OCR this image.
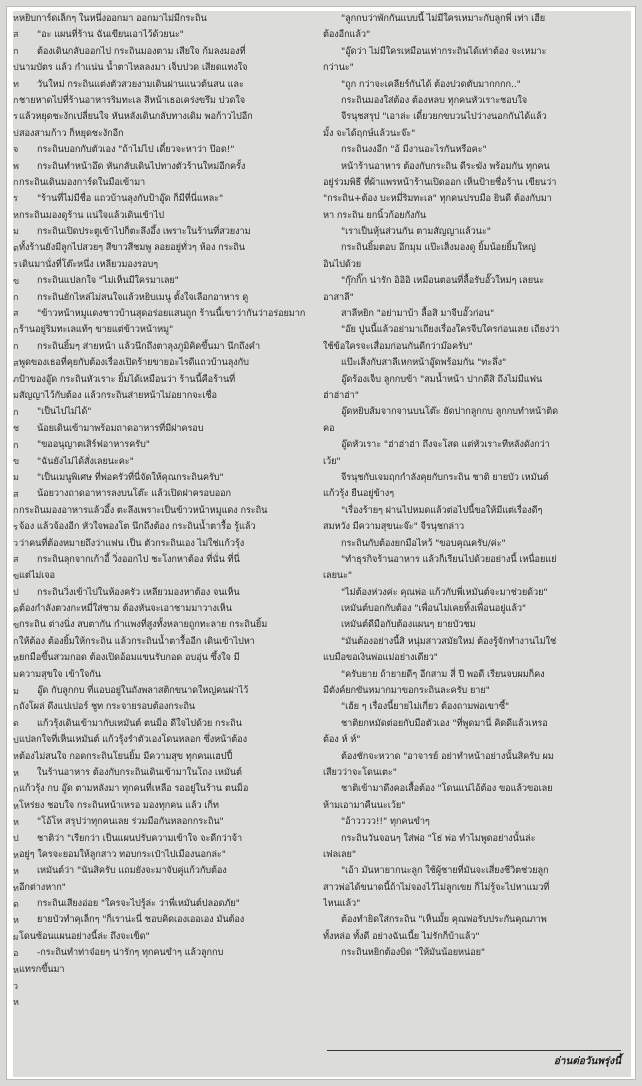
ห
ส
ก
ป
ท
ก
ร
ป
จ
พ
ก
ร
ห
ม
ต
ร
ข
ก
ส
ก
ก
ส
ภ
ม
ก
ช
ก
ข
ม
ส
ก
ร
ว
ส
ข
ป
ค
ข
ก
ห
ม
ม
ก
ด
ป
ห
ห
ก
ห
ห
ป
ห
ห
ท
ด
ห
ผ
อ
ห
ว
ห
หยิบการ์ดเล็กๆ ในหนึ่งออกมา ออกมาไม่มีกระถิน
"อะ แผนที่ร้าน ฉันเขียนเอาไว้ด้วยนะ"
ต้องเดินกลับออกไป กระถินมองตาม เสียใจ ก้มลงมองที่
นามบัตร แล้ว กำแน่น น้ำตาไหลลงมา เจ็บปวด เสียดแทงใจ
วันใหม่ กระถินแต่งตัวสวยงามเดินผ่านแนวต้นสน และ
ชายหาดไปที่ร้านอาหารริมทะเล สีหน้าเธอเคร่งขรึม ปวดใจ
แล้วหยุดชะงักเปลี่ยนใจ หันหลังเดินกลับทางเดิม พอก้าวไปอีก
สองสามก้าว ก็หยุดชะงักอีก
กระถินบอกกับตัวเอง "ถ้าไม่ไป เดี๋ยวจะหาว่า ป๊อด!"
กระถินทำหน้าอึด หันกลับเดินไปทางตัวร้านใหม่อีกครั้ง
กระถินเดินมองการ์ดในมือเข้ามา
"ร้านที่ไม่มีชื่อ แถวบ้านลุงกับป้าอู๊ด ก็มีที่นี่แหละ"
กระถินมองดูร้าน แน่ใจแล้วเดินเข้าไป
กระถินเปิดประตูเข้าไปก็ตะลึงอึ้ง เพราะในร้านที่สวยงาม
ทั้งร้านยังมีลูกไปสวยๆ สีขาวสีชมพู ลอยอยู่ทั่วๆ ห้อง กระถิน
เดินมานั่งที่โต๊ะหนึ่ง เหลียวมองรอบๆ
กระถินแปลกใจ "ไม่เห็นมีใครมาเลย"
กระถินยักไหล่ไม่สนใจแล้วหยิบเมนู ตั้งใจเลือกอาหาร ดู
"ข้าวหน้าหมูแดงชาวบ้านสุดอร่อยแสนถูก ร้านนี้เขาว่ากันว่าอร่อยมาก
ร้านอยู่ริมทะเลแท้ๆ ขายแต่ข้าวหน้าหมู"
กระถินยิ้มๆ ส่ายหน้า แล้วนึกถึงตาลุงภูมิคิดขึ้นมา นึกถึงคำ
พูดของเธอที่คุยกับต้องเรื่องเปิดร้ายขายอะไรดีแถวบ้านลุงกับ
ป้าของอู๊ด กระถินหัวเราะ ยิ้มได้เหมือนว่า ร้านนี้คือร้านที่
สัญญาไว้กับต้อง แล้วกระถินส่ายหน้าไม่อยากจะเชื่อ
"เป็นไปไม่ได้"
น้อยเดินเข้ามาพร้อมถาดอาหารที่มีฝาครอบ
"ขออนุญาตเสิร์ฟอาหารครับ"
"ฉันยังไม่ได้สั่งเลยนะคะ"
"เป็นเมนูพิเศษ ที่พ่อครัวที่นี่จัดให้คุณกระถินครับ"
น้อยวางถาดอาหารลงบนโต๊ะ แล้วเปิดฝาครอบออก
กระถินมองอาหารแล้วอึ้ง ตะลึงเพราะเป็นข้าวหน้าหมูแดง กระถิน
จ้อง แล้วจ้องอีก หัวใจพองโต นึกถึงต้อง กระถินน้ำตารื้อ รู้แล้ว
ว่าคนที่ต้องหมายถึงว่าแฟน เป็น ตัวกระถินเอง ไม่ใช่แก้วรุ้ง
กระถินลุกจากเก้าอี้ วิ่งออกไป ชะโงกหาต้อง ที่นั่น ที่นี่
แต่ไม่เจอ
กระถินวิ่งเข้าไปในห้องครัว เหลียวมองหาต้อง จนเห็น
ต้องกำลังตวงกะหมี่ใส่ชาม ต้องหันจะเอาชามมาวางเห็น
กระถิน ต่างนิ่ง สบตากัน กำแพงที่สูงทั้งหลายถูกทะลาย กระถินยิ้ม
ให้ต้อง ต้องยิ้มให้กระถิน แล้วกระถินน้ำตารื้ออีก เดินเข้าไปหา
ยกมือขึ้นสวมกอด ต้องเปิดอ้อมแขนรับกอด อบอุ่น ซึ้งใจ มี
ความสุขใจ เข้าใจกัน
อู๊ด กับลูกกบ ที่แอบอยู่ในถังพลาสติกขนาดใหญ่คนฝาไว้
ถังโผล่ ดึงแปเปอร์ ชูท กระจายรอบต้องกระถิน
แก้วรุ้งเดินเข้ามากับเหมันต์ ตนม็อ ดีใจไปด้วย กระถิน
แปลกใจที่เห็นเหมันต์ แก้วรุ้งรำตัวเองโดนหลอก ซึ่งหน้าต้อง
ต้องไม่สนใจ กอดกระถินโยนยิ้ม มีความสุข ทุกคนแฮปปี้
ในร้านอาหาร ต้องกับกระถินเดินเข้ามาในโถง เหมันต์
แก้วรุ้ง กบ อู๊ด ตามหลังมา ทุกคนที่เหลือ รออยู่ในร้าน ตนม็อ
โหร่ยง ชอบใจ กระถินหน้าเหรอ มองทุกคน แล้ว เก็ท
"โอ้โห สรุปว่าทุกคนเลย ร่วมมือกันหลอกกระถิน"
ชาติว่า "เรียกว่า เป็นแผนปรับความเข้าใจ จะดีกว่าจ้า
อยู่ๆ ใครจะยอมให้ลูกสาว ทอบกระเป๋าไปเมืองนอกล่ะ"
เหมันต์ว่า "นันสิครับ แถมยังจะมาจับคู่แก้วกับต้อง
อีกต่างหาก"
กระถินเสียงอ่อย "ใครจะไปรู้ล่ะ ว่าพี่เหมันต์ปลอดภัย"
ยายบัวทำคุเล็กๆ "ก็เราน่ะนี่ ชอบคิดเองเออเอง มันต้อง
โดนซ้อนแผนอย่างนี้ล่ะ ถึงจะเข็ด"
-กระถินทำท่าจ๋อยๆ น่ารักๆ ทุกคนขำๆ แล้วลูกกบ
แทรกขึ้นมา
"ลูกกบว่าพักกันแบบนี้ ไม่มีใครเหมาะกับลูกพี่ เท่า เฮีย
ต้องอีกแล้ว"
"อู๊ดว่า ไม่มีใครเหมือนเท่ากระถินได้เท่าต้อง จะเหมาะ
กว่านะ"
"ถูก กว่าจะเคลียร์กันได้ ต้องปวดตับมากกกก.."
กระถินมองใส่ต้อง ต้องหลบ ทุกคนหัวเราะชอบใจ
จีรนุชสรุป "เอาล่ะ เดี๋ยวยกขบวนไปว่างนอกกันได้แล้ว
มั้ง จะได้ฤกษ์แล้วนะจ๊ะ"
กระถินงงอีก "อ้ มีงานอะไรกันหรือคะ"
หน้าร้านอาหาร ต้องกับกระถิน ดีระฆัง พร้อมกัน ทุกคน
อยู่ร่วมพิธี ที่ผ้าแพรหน้าร้านเปิดออก เห็นป้ายชื่อร้าน เขียนว่า
"กระถิน+ต้อง บะหมี่ริมทะเล" ทุกคนปรบมือ ยินดี ต้องกับมา
หา กระถิน ยกนิ้วก้อยกังกัน
"เราเป็นหุ้นส่วนกัน ตามสัญญาแล้วนะ"
กระถินยิ้มตอบ อึกมุม แป๊ะเส็งมองดู ยิ้มน้อยยิ้มใหญ่
อินไปด้วย
"กุ๊กกิ๊ก น่ารัก อิอิอิ เหมือนตอนที่ลื้อรับอั๊วใหม่ๆ เลยนะ
อาสาลี"
สาลีหยิก "อย่ามาบ้า ลื้อสิ มาจีบอั๊วก่อน"
"อ๊ย ปูนนี้แล้วอย่ามาเถียงเรื่องใครจีบใครก่อนเลย เถียงว่า
ใช้ข้อใครจะเสื่อมก่อนกันดีกว่าม๊อครับ"
แป๊ะเส็งกับสาลีเหกหน้าอู๊ดพร้อมกัน "ทะลึ่ง"
อู๊ดร้องเจ็บ ลูกกบข้า "สมน้ำหน้า ปากดีสิ ถึงไม่มีแฟน
ฮ่าฮ่าฮ่า"
อู๊ดหยิบส้มจากจานบนโต๊ะ ยัดปากลูกกบ ลูกกบทำหน้าติด
คอ
อู๊ดหัวเราะ "ฮ่าฮ่าฮ่า ถึงจะโสด แต่หัวเราะทีหลังดังกว่า
เว้ย"
จีรนุชกับเจมฤกกำลังคุยกับกระถิน ชาติ ยายบัว เหมันต์
แก้วรุ้ง ยืนอยู่ข้างๆ
"เรื่องร้ายๆ ผ่านไปหมดแล้วต่อไปนี้ขอให้มีแต่เรื่องดีๆ
สมหวัง มีความสุขนะจ๊ะ" จีรนุชกล่าว
กระถินกับต้องยกมือไหว้ "ขอบคุณครับ/ค่ะ"
"ทำธุรกิจร้านอาหาร แล้วก็เรียนไปด้วยอย่างนี้ เหนื่อยแย่
เลยนะ"
"ไม่ต้องห่วงค่ะ คุณพ่อ แก้วกับพี่เหมันต์จะมาช่วยด้วย"
เหมันต์บอกกับต้อง "เพื่อนไม่เคยทิ้งเพื่อนอยู่แล้ว"
เหมันต์ดีมือกับต้องแผนๆ ยายบัวชม
"มันต้องอย่างนี้สิ หนุ่มสาวสมัยใหม่ ต้องรู้จักทำงานไม่ใช่
แบมือขอเงินพ่อแม่อย่างเดียว"
"ครับยาย ถ้ายายดีๆ อีกสาม สี่ ปี พอดี เรียนจบผมก็คง
มีตังค์ยกขันหมากมาขอกระถินละครับ ยาย"
"เฮ้ย ๆ เรื่องนี้ยายไม่เกี่ยว ต้องถามพ่อเขาซี้"
ชาติยกหมัดต่อยกับมือตัวเอง "ที่พูดมานี่ คิดดีแล้วเหรอ
ต้อง ห์ ห์"
ต้องชักจะหวาด "อาจารย์ อย่าทำหน้าอย่างนั้นสิครับ ผม
เสียวว่าจะโดนเตะ"
ชาติเข้ามาดึงคอเสื้อต้อง "โดนแน่ไอ้ต้อง ขอแล้วขอเลย
ห้ามเอามาคืนนะเว้ย"
"อ้าวววว!!" ทุกคนขำๆ
กระถินวันจอนๆ ใส่พ่อ "โธ่ พ่อ ทำไมพูดอย่างนั้นล่ะ
เฟลเลย"
"เอ้า มันหายากนะลูก ใช้ผู้ชายที่มันจะเสี่ยงชีวิตช่วยลูก
สาวพ่อได้ขนาดนี้ถ้าไม่จองไว้ไม่ลูกเขย ก็ไม่รู้จะไปหาแมวที่
ไหนแล้ว"
ต้องทำยิดใส่กระถิน "เห็นมั้ย คุณพ่อรับประกันคุณภาพ
ทั้งหล่อ ทั้งดี อย่างฉันเนี้ย ไม่รักก็บ้าแล้ว"
กระถินหยิกต้องบิด "ให้มันน้อยหน่อย"
อ่านต่อวันพรุ่งนี้
